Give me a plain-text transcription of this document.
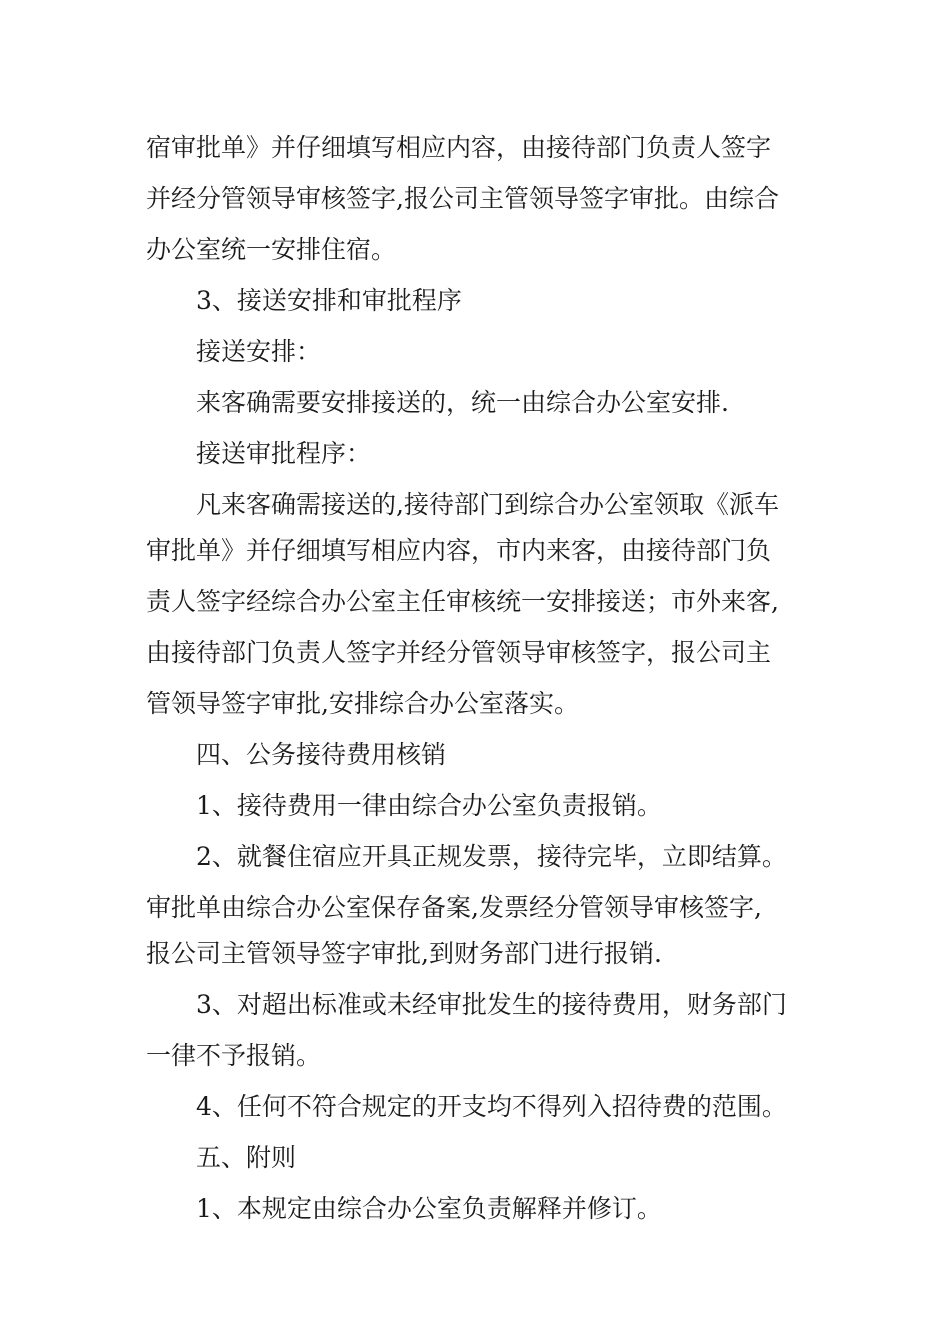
宿审批单》并仔细填写相应内容，由接待部门负责人签字
并经分管领导审核签字,报公司主管领导签字审批。由综合
办公室统一安排住宿。
3、接送安排和审批程序
接送安排：
来客确需要安排接送的，统一由综合办公室安排.
接送审批程序：
凡来客确需接送的,接待部门到综合办公室领取《派车
审批单》并仔细填写相应内容，市内来客，由接待部门负
责人签字经综合办公室主任审核统一安排接送；市外来客,
由接待部门负责人签字并经分管领导审核签字，报公司主
管领导签字审批,安排综合办公室落实。
四、公务接待费用核销
1、接待费用一律由综合办公室负责报销。
2、就餐住宿应开具正规发票，接待完毕，立即结算。
审批单由综合办公室保存备案,发票经分管领导审核签字,
报公司主管领导签字审批,到财务部门进行报销.
3、对超出标准或未经审批发生的接待费用，财务部门
一律不予报销。
4、任何不符合规定的开支均不得列入招待费的范围。
五、附则
1、本规定由综合办公室负责解释并修订。
